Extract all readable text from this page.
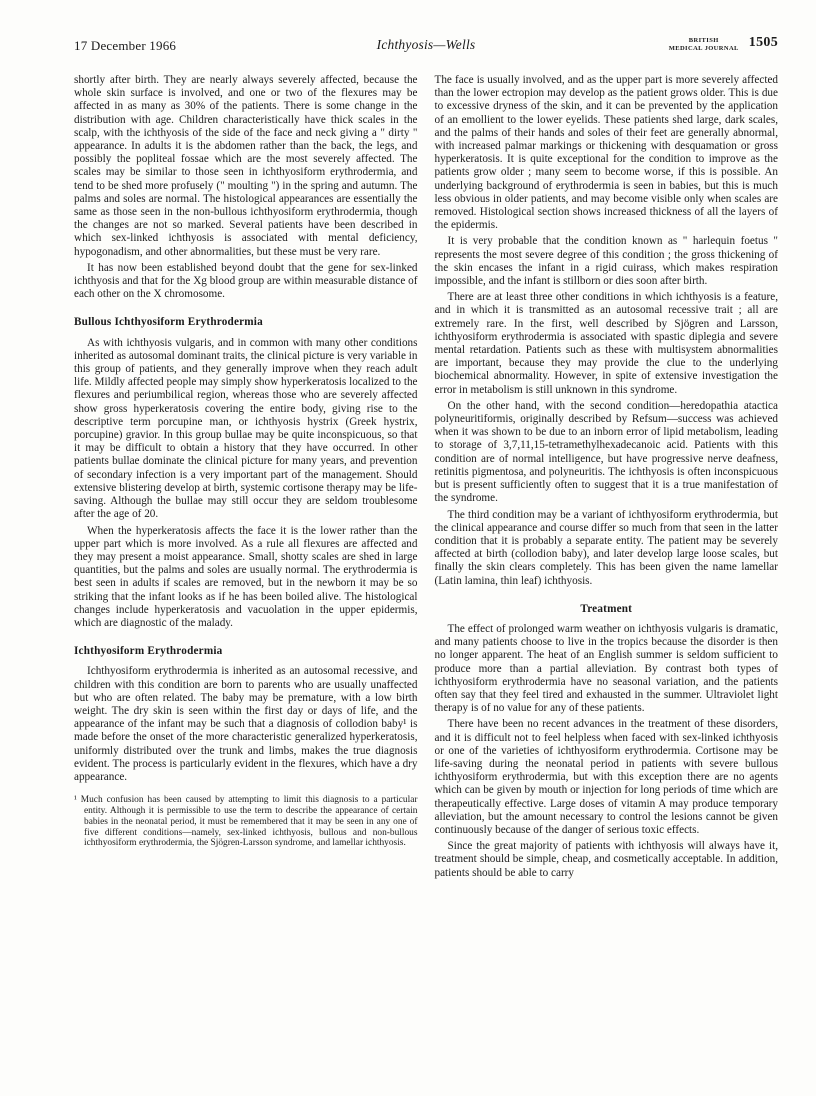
17 December 1966	Ichthyosis—Wells	BRITISH
MEDICAL JOURNAL 1505

shortly after birth. They are nearly always severely affected, because the whole skin surface is involved, and one or two of the flexures may be affected in as many as 30% of the patients. There is some change in the distribution with age. Children characteristically have thick scales in the scalp, with the ichthyosis of the side of the face and neck giving a " dirty " appearance. In adults it is the abdomen rather than the back, the legs, and possibly the popliteal fossae which are the most severely affected. The scales may be similar to those seen in ichthyosiform erythrodermia, and tend to be shed more profusely (" moulting ") in the spring and autumn. The palms and soles are normal. The histological appearances are essentially the same as those seen in the non-bullous ichthyosiform erythrodermia, though the changes are not so marked. Several patients have been described in which sex-linked ichthyosis is associated with mental deficiency, hypogonadism, and other abnormalities, but these must be very rare.

It has now been established beyond doubt that the gene for sex-linked ichthyosis and that for the Xg blood group are within measurable distance of each other on the X chromosome.

Bullous Ichthyosiform Erythrodermia

As with ichthyosis vulgaris, and in common with many other conditions inherited as autosomal dominant traits, the clinical picture is very variable in this group of patients, and they generally improve when they reach adult life. Mildly affected people may simply show hyperkeratosis localized to the flexures and periumbilical region, whereas those who are severely affected show gross hyperkeratosis covering the entire body, giving rise to the descriptive term porcupine man, or ichthyosis hystrix (Greek hystrix, porcupine) gravior. In this group bullae may be quite inconspicuous, so that it may be difficult to obtain a history that they have occurred. In other patients bullae dominate the clinical picture for many years, and prevention of secondary infection is a very important part of the management. Should extensive blistering develop at birth, systemic cortisone therapy may be life-saving. Although the bullae may still occur they are seldom troublesome after the age of 20.

When the hyperkeratosis affects the face it is the lower rather than the upper part which is more involved. As a rule all flexures are affected and they may present a moist appearance. Small, shotty scales are shed in large quantities, but the palms and soles are usually normal. The erythrodermia is best seen in adults if scales are removed, but in the newborn it may be so striking that the infant looks as if he has been boiled alive. The histological changes include hyperkeratosis and vacuolation in the upper epidermis, which are diagnostic of the malady.

Ichthyosiform Erythrodermia

Ichthyosiform erythrodermia is inherited as an autosomal recessive, and children with this condition are born to parents who are usually unaffected but who are often related. The baby may be premature, with a low birth weight. The dry skin is seen within the first day or days of life, and the appearance of the infant may be such that a diagnosis of collodion baby¹ is made before the onset of the more characteristic generalized hyperkeratosis, uniformly distributed over the trunk and limbs, makes the true diagnosis evident. The process is particularly evident in the flexures, which have a dry appearance.

¹ Much confusion has been caused by attempting to limit this diagnosis to a particular entity. Although it is permissible to use the term to describe the appearance of certain babies in the neonatal period, it must be remembered that it may be seen in any one of five different conditions—namely, sex-linked ichthyosis, bullous and non-bullous ichthyosiform erythrodermia, the Sjögren-Larsson syndrome, and lamellar ichthyosis.

The face is usually involved, and as the upper part is more severely affected than the lower ectropion may develop as the patient grows older. This is due to excessive dryness of the skin, and it can be prevented by the application of an emollient to the lower eyelids. These patients shed large, dark scales, and the palms of their hands and soles of their feet are generally abnormal, with increased palmar markings or thickening with desquamation or gross hyperkeratosis. It is quite exceptional for the condition to improve as the patients grow older ; many seem to become worse, if this is possible. An underlying background of erythrodermia is seen in babies, but this is much less obvious in older patients, and may become visible only when scales are removed. Histological section shows increased thickness of all the layers of the epidermis.

It is very probable that the condition known as " harlequin foetus " represents the most severe degree of this condition ; the gross thickening of the skin encases the infant in a rigid cuirass, which makes respiration impossible, and the infant is stillborn or dies soon after birth.

There are at least three other conditions in which ichthyosis is a feature, and in which it is transmitted as an autosomal recessive trait ; all are extremely rare. In the first, well described by Sjögren and Larsson, ichthyosiform erythrodermia is associated with spastic diplegia and severe mental retardation. Patients such as these with multisystem abnormalities are important, because they may provide the clue to the underlying biochemical abnormality. However, in spite of extensive investigation the error in metabolism is still unknown in this syndrome.

On the other hand, with the second condition—heredopathia atactica polyneuritiformis, originally described by Refsum—success was achieved when it was shown to be due to an inborn error of lipid metabolism, leading to storage of 3,7,11,15-tetramethylhexadecanoic acid. Patients with this condition are of normal intelligence, but have progressive nerve deafness, retinitis pigmentosa, and polyneuritis. The ichthyosis is often inconspicuous but is present sufficiently often to suggest that it is a true manifestation of the syndrome.

The third condition may be a variant of ichthyosiform erythrodermia, but the clinical appearance and course differ so much from that seen in the latter condition that it is probably a separate entity. The patient may be severely affected at birth (collodion baby), and later develop large loose scales, but finally the skin clears completely. This has been given the name lamellar (Latin lamina, thin leaf) ichthyosis.

Treatment

The effect of prolonged warm weather on ichthyosis vulgaris is dramatic, and many patients choose to live in the tropics because the disorder is then no longer apparent. The heat of an English summer is seldom sufficient to produce more than a partial alleviation. By contrast both types of ichthyosiform erythrodermia have no seasonal variation, and the patients often say that they feel tired and exhausted in the summer. Ultraviolet light therapy is of no value for any of these patients.

There have been no recent advances in the treatment of these disorders, and it is difficult not to feel helpless when faced with sex-linked ichthyosis or one of the varieties of ichthyosiform erythrodermia. Cortisone may be life-saving during the neonatal period in patients with severe bullous ichthyosiform erythrodermia, but with this exception there are no agents which can be given by mouth or injection for long periods of time which are therapeutically effective. Large doses of vitamin A may produce temporary alleviation, but the amount necessary to control the lesions cannot be given continuously because of the danger of serious toxic effects.

Since the great majority of patients with ichthyosis will always have it, treatment should be simple, cheap, and cosmetically acceptable. In addition, patients should be able to carry
